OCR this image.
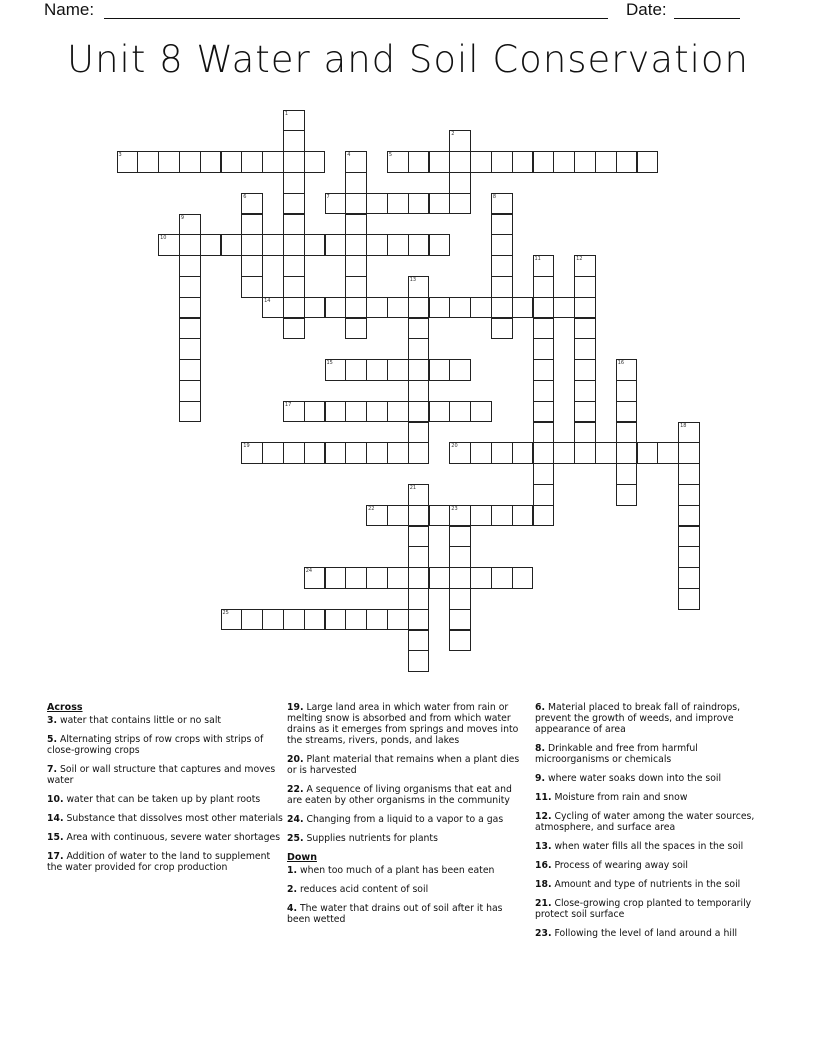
Name:	Date:
Unit 8 Water and Soil Conservation
1
2
3	4	5
6	7	8
9
10
11	12
13
14
15	16
17
18
19	20
21
22	23
24
25
Across
3. water that contains little or no salt
5. Alternating strips of row crops with strips of close-growing crops
7. Soil or wall structure that captures and moves water
10. water that can be taken up by plant roots
14. Substance that dissolves most other materials
15. Area with continuous, severe water shortages
17. Addition of water to the land to supplement the water provided for crop production
19. Large land area in which water from rain or melting snow is absorbed and from which water drains as it emerges from springs and moves into the streams, rivers, ponds, and lakes
20. Plant material that remains when a plant dies or is harvested
22. A sequence of living organisms that eat and are eaten by other organisms in the community
24. Changing from a liquid to a vapor to a gas
25. Supplies nutrients for plants
Down
1. when too much of a plant has been eaten
2. reduces acid content of soil
4. The water that drains out of soil after it has been wetted
6. Material placed to break fall of raindrops, prevent the growth of weeds, and improve appearance of area
8. Drinkable and free from harmful microorganisms or chemicals
9. where water soaks down into the soil
11. Moisture from rain and snow
12. Cycling of water among the water sources, atmosphere, and surface area
13. when water fills all the spaces in the soil
16. Process of wearing away soil
18. Amount and type of nutrients in the soil
21. Close-growing crop planted to temporarily protect soil surface
23. Following the level of land around a hill
